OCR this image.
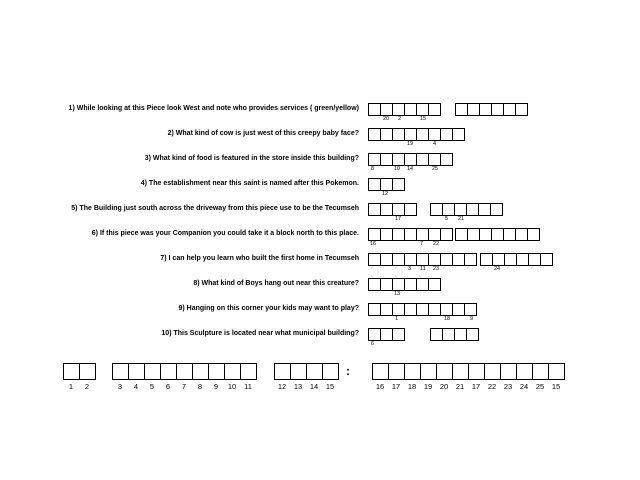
1) While looking at this Piece look West and note who provides services ( green/yellow)
2) What kind of cow is just west of this creepy baby face?
3) What kind of food is featured in the store inside this building?
4) The establishment near this saint is named after this Pokemon.
5) The Building just south across the driveway from this piece use to be the Tecumseh
6) If this piece was your Companion you could take it a block north to this place.
7) I can help you learn who built the first home in Tecumseh
8) What kind of Boys hang out near this creature?
9) Hanging on this corner your kids may want to play?
10) This Sculpture is located near what municipal building?
20 2	15
19	4
8	10 14	25
12
17	5 21
16	7 22
3 11 23	24
13
1	18	9
6
1	2	3	4	5	6	7	8	9	10	11	12	13	14	15	16	17	18	19	20	21	17	22	23	24	25	15
:
